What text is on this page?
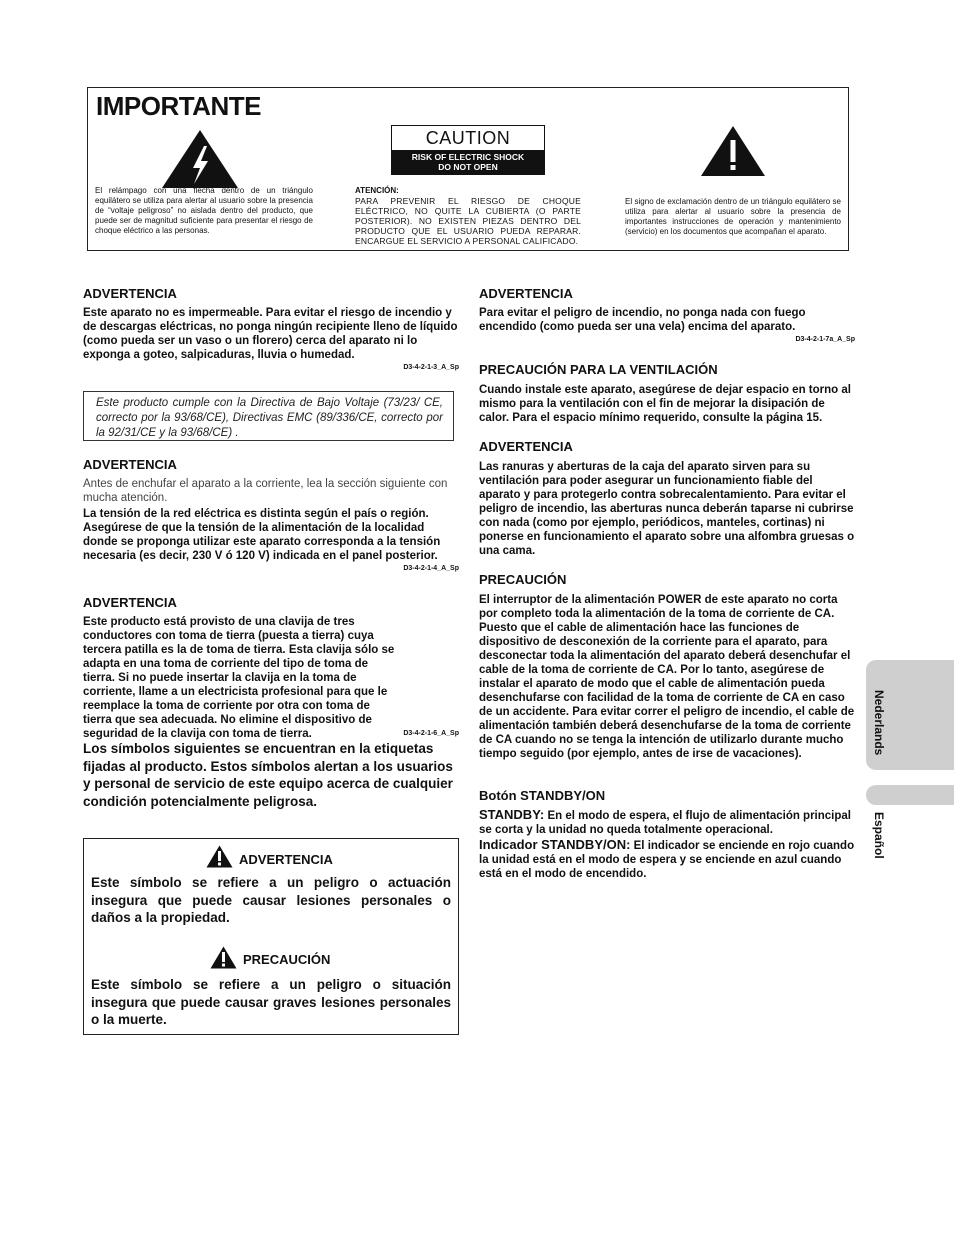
IMPORTANTE
El relámpago con una flecha dentro de un triángulo equilátero se utiliza para alertar al usuario sobre la presencia de “voltaje peligroso” no aislada dentro del producto, que puede ser de magnitud suficiente para presentar el riesgo de choque eléctrico a las personas.
CAUTION
RISK OF ELECTRIC SHOCK
DO NOT OPEN
ATENCIÓN:
PARA PREVENIR EL RIESGO DE CHOQUE ELÉCTRICO, NO QUITE LA CUBIERTA (O PARTE POSTERIOR). NO EXISTEN PIEZAS DENTRO DEL PRODUCTO QUE EL USUARIO PUEDA REPARAR. ENCARGUE EL SERVICIO A PERSONAL CALIFICADO.
El signo de exclamación dentro de un triángulo equilátero se utiliza para alertar al usuario sobre la presencia de importantes instrucciones de operación y mantenimiento (servicio) en los documentos que acompañan el aparato.
ADVERTENCIA

Este aparato no es impermeable. Para evitar el riesgo de incendio y de descargas eléctricas, no ponga ningún recipiente lleno de líquido (como pueda ser un vaso o un florero) cerca del aparato ni lo exponga a goteo, salpicaduras, lluvia o humedad.

D3-4-2-1-3_A_Sp

Este producto cumple con la Directiva de Bajo Voltaje (73/23/ CE, correcto por la 93/68/CE), Directivas EMC (89/336/CE, correcto por la 92/31/CE y la 93/68/CE) .
ADVERTENCIA

Antes de enchufar el aparato a la corriente, lea la sección siguiente con mucha atención.

La tensión de la red eléctrica es distinta según el país o región. Asegúrese de que la tensión de la alimentación de la localidad donde se proponga utilizar este aparato corresponda a la tensión necesaria (es decir, 230 V ó 120 V) indicada en el panel posterior.

D3-4-2-1-4_A_Sp

ADVERTENCIA

Este producto está provisto de una clavija de tres conductores con toma de tierra (puesta a tierra) cuya tercera patilla es la de toma de tierra. Esta clavija sólo se adapta en una toma de corriente del tipo de toma de tierra. Si no puede insertar la clavija en la toma de corriente, llame a un electricista profesional para que le reemplace la toma de corriente por otra con toma de tierra que sea adecuada. No elimine el dispositivo de seguridad de la clavija con toma de tierra.	D3-4-2-1-6_A_Sp

Los símbolos siguientes se encuentran en la etiquetas fijadas al producto. Estos símbolos alertan a los usuarios y personal de servicio de este equipo acerca de cualquier condición potencialmente peligrosa.
ADVERTENCIA
Este símbolo se refiere a un peligro o actuación insegura que puede causar lesiones personales o daños a la propiedad.
PRECAUCIÓN
Este símbolo se refiere a un peligro o situación insegura que puede causar graves lesiones personales o la muerte.
ADVERTENCIA

Para evitar el peligro de incendio, no ponga nada con fuego encendido (como pueda ser una vela) encima del aparato.

D3-4-2-1-7a_A_Sp

PRECAUCIÓN PARA LA VENTILACIÓN

Cuando instale este aparato, asegúrese de dejar espacio en torno al mismo para la ventilación con el fin de mejorar la disipación de calor. Para el espacio mínimo requerido, consulte la página 15.

ADVERTENCIA

Las ranuras y aberturas de la caja del aparato sirven para su ventilación para poder asegurar un funcionamiento fiable del aparato y para protegerlo contra sobrecalentamiento. Para evitar el peligro de incendio, las aberturas nunca deberán taparse ni cubrirse con nada (como por ejemplo, periódicos, manteles, cortinas) ni ponerse en funcionamiento el aparato sobre una alfombra gruesas o una cama.

PRECAUCIÓN

El interruptor de la alimentación POWER de este aparato no corta por completo toda la alimentación de la toma de corriente de CA. Puesto que el cable de alimentación hace las funciones de dispositivo de desconexión de la corriente para el aparato, para desconectar toda la alimentación del aparato deberá desenchufar el cable de la toma de corriente de CA. Por lo tanto, asegúrese de instalar el aparato de modo que el cable de alimentación pueda desenchufarse con facilidad de la toma de corriente de CA en caso de un accidente. Para evitar correr el peligro de incendio, el cable de alimentación también deberá desenchufarse de la toma de corriente de CA cuando no se tenga la intención de utilizarlo durante mucho tiempo seguido (por ejemplo, antes de irse de vacaciones).

Botón STANDBY/ON

STANDBY: En el modo de espera, el flujo de alimentación principal se corta y la unidad no queda totalmente operacional.

Indicador STANDBY/ON: El indicador se enciende en rojo cuando la unidad está en el modo de espera y se enciende en azul cuando está en el modo de encendido.

Nederlands
Español
